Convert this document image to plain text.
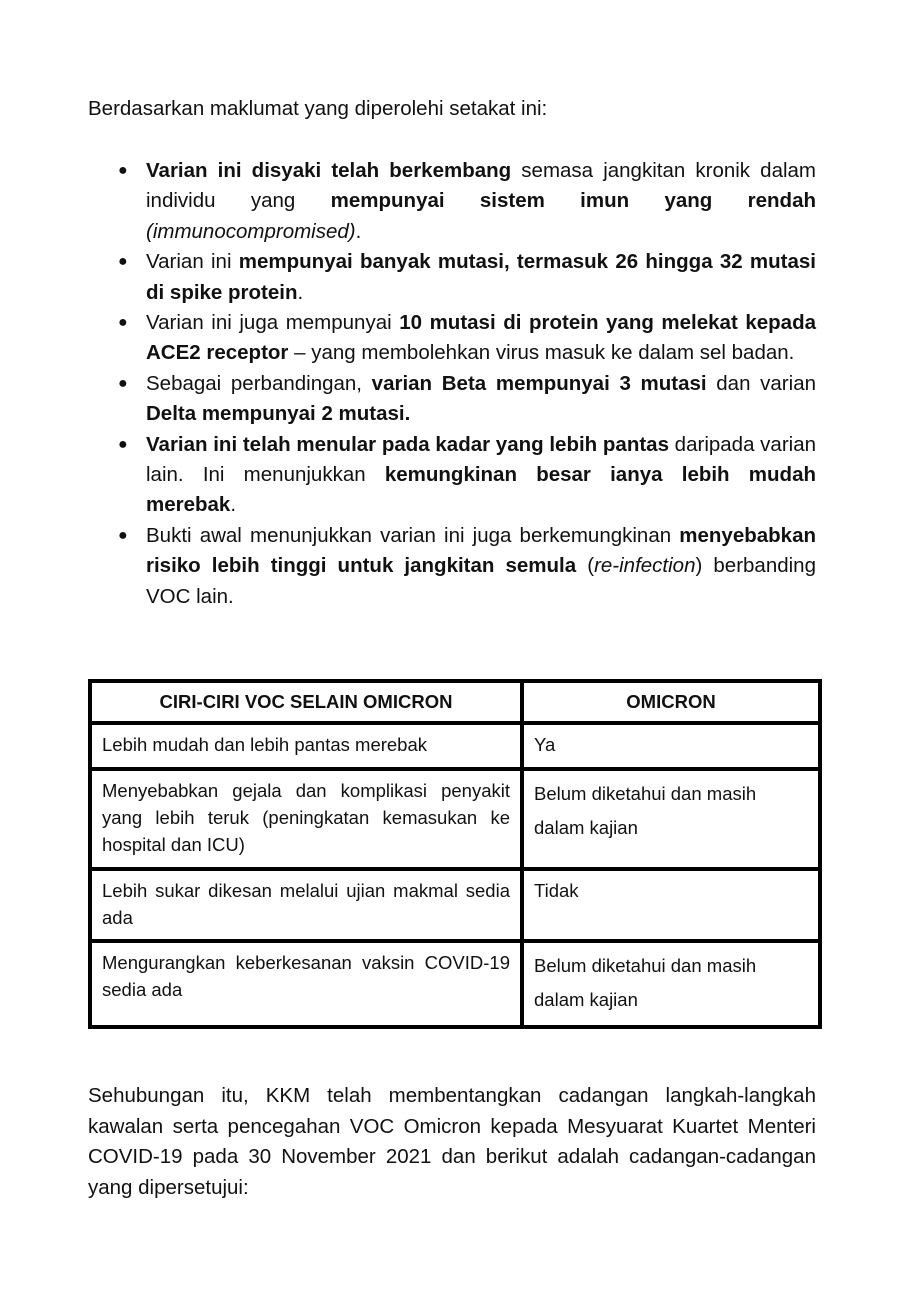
Berdasarkan maklumat yang diperolehi setakat ini:

● Varian ini disyaki telah berkembang semasa jangkitan kronik dalam individu yang mempunyai sistem imun yang rendah (immunocompromised).
● Varian ini mempunyai banyak mutasi, termasuk 26 hingga 32 mutasi di spike protein.
● Varian ini juga mempunyai 10 mutasi di protein yang melekat kepada ACE2 receptor – yang membolehkan virus masuk ke dalam sel badan.
● Sebagai perbandingan, varian Beta mempunyai 3 mutasi dan varian Delta mempunyai 2 mutasi.
● Varian ini telah menular pada kadar yang lebih pantas daripada varian lain. Ini menunjukkan kemungkinan besar ianya lebih mudah merebak.
● Bukti awal menunjukkan varian ini juga berkemungkinan menyebabkan risiko lebih tinggi untuk jangkitan semula (re-infection) berbanding VOC lain.
CIRI-CIRI VOC SELAIN OMICRON	OMICRON
Lebih mudah dan lebih pantas merebak	Ya
Menyebabkan gejala dan komplikasi penyakit yang lebih teruk (peningkatan kemasukan ke hospital dan ICU)	Belum diketahui dan masih dalam kajian
Lebih sukar dikesan melalui ujian makmal sedia ada	Tidak
Mengurangkan keberkesanan vaksin COVID-19 sedia ada	Belum diketahui dan masih dalam kajian

Sehubungan itu, KKM telah membentangkan cadangan langkah-langkah kawalan serta pencegahan VOC Omicron kepada Mesyuarat Kuartet Menteri COVID-19 pada 30 November 2021 dan berikut adalah cadangan-cadangan yang dipersetujui:
